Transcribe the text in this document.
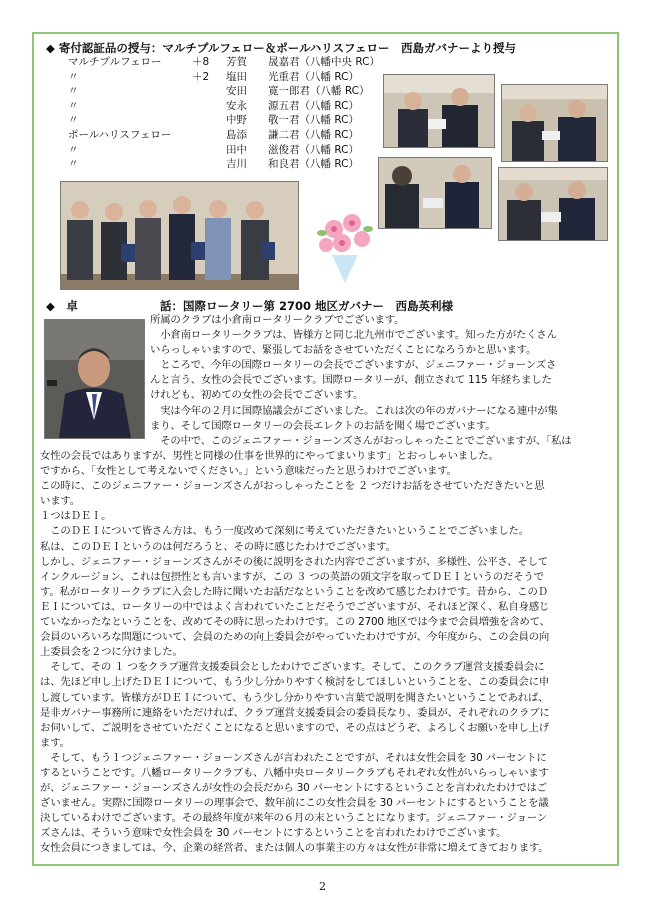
◆ 寄付認証品の授与：マルチプルフェロー＆ポールハリスフェロー　西島ガバナーより授与
マルチプルフェロー	＋8 芳賀 晟嘉君（八幡中央 RC）
〃	＋2 塩田 光重君（八幡 RC）
〃	安田 寛一郎君（八幡 RC）
〃	安永 源五君（八幡 RC）
〃	中野 敬一君（八幡 RC）
ポールハリスフェロー	島添 謙二君（八幡 RC）
〃	田中 滋俊君（八幡 RC）
〃	吉川 和良君（八幡 RC）
◆　卓	話：国際ロータリー第 2700 地区ガバナー　西島英利様

所属のクラブは小倉南ロータリークラブでございます。

　小倉南ロータリークラブは、皆様方と同じ北九州市でございます。知った方がたくさん

いらっしゃいますので、緊張してお話をさせていただくことになろうかと思います。

　ところで、今年の国際ロータリーの会長でございますが、ジェニファー・ジョーンズさ

んと言う、女性の会長でございます。国際ロータリーが、創立されて 115 年経ちました

けれども、初めての女性の会長でございます。

　実は今年の２月に国際協議会がございました。これは次の年のガバナーになる連中が集

まり、そして国際ロータリーの会長エレクトのお話を聞く場でございます。

　その中で、このジェニファー・ジョーンズさんがおっしゃったことでございますが、「私は

女性の会長ではありますが、男性と同様の仕事を世界的にやってまいります」とおっしゃいました。

ですから、「女性として考えないでください。」という意味だったと思うわけでございます。

この時に、このジェニファー・ジョーンズさんがおっしゃったことを ２ つだけお話をさせていただきたいと思

います。

１つはＤＥＩ。

　このＤＥＩについて皆さん方は、もう一度改めて深刻に考えていただきたいということでございました。

私は、このＤＥＩというのは何だろうと、その時に感じたわけでございます。

しかし、ジェニファー・ジョーンズさんがその後に説明をされた内容でございますが、多様性、公平さ、そして

インクルージョン、これは包摂性とも言いますが、この ３ つの英語の頭文字を取ってＤＥＩというのだそうで

す。私がロータリークラブに入会した時に聞いたお話だなということを改めて感じたわけです。昔から、このＤ

ＥＩについては、ロータリーの中ではよく言われていたことだそうでございますが、それほど深く、私自身感じ

ていなかったなということを、改めてその時に思ったわけです。この 2700 地区では今まで会員増強を含めて、

会員のいろいろな問題について、会員のための向上委員会がやっていたわけですが、今年度から、この会員の向

上委員会を２つに分けました。

　そして、その １ つをクラブ運営支援委員会としたわけでございます。そして、このクラブ運営支援委員会に

は、先ほど申し上げたＤＥＩについて、もう少し分かりやすく検討をしてほしいということを、この委員会に申

し渡しています。皆様方がＤＥＩについて、もう少し分かりやすい言葉で説明を聞きたいということであれば、

是非ガバナー事務所に連絡をいただければ、クラブ運営支援委員会の委員長なり、委員が、それぞれのクラブに

お伺いして、ご説明をさせていただくことになると思いますので、その点はどうぞ、よろしくお願いを申し上げ

ます。

　そして、もう１つジェニファー・ジョーンズさんが言われたことですが、それは女性会員を 30 パーセントに

するということです。八幡ロータリークラブも、八幡中央ロータリークラブもそれぞれ女性がいらっしゃいます

が、ジェニファー・ジョーンズさんが女性の会長だから 30 パーセントにするということを言われたわけではご

ざいません。実際に国際ロータリーの理事会で、数年前にこの女性会員を 30 パーセントにするということを議

決しているわけでございます。その最終年度が来年の６月の末ということになります。ジェニファー・ジョーン

ズさんは、そういう意味で女性会員を 30 パーセントにするということを言われたわけでございます。

女性会員につきましては、今、企業の経営者、または個人の事業主の方々は女性が非常に増えてきております。

2
